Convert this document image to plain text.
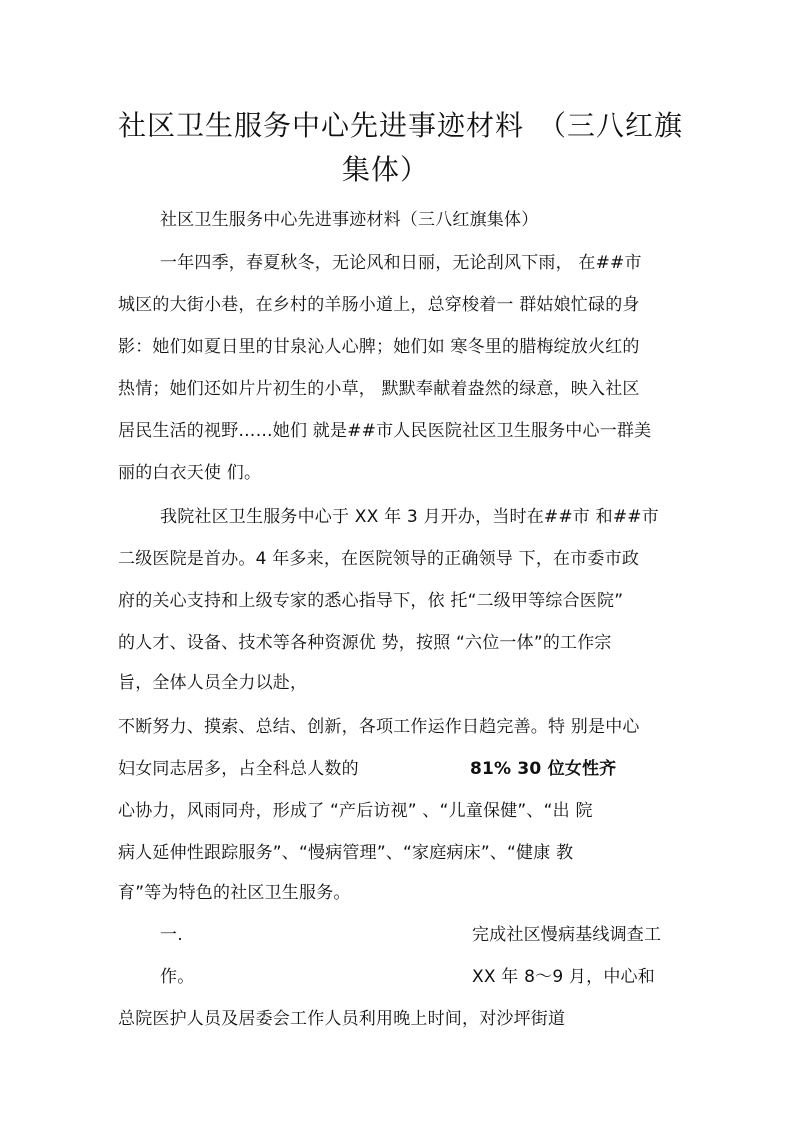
社区卫生服务中心先进事迹材料 （三八红旗
集体）
社区卫生服务中心先进事迹材料（三八红旗集体）
一年四季，春夏秋冬，无论风和日丽，无论刮风下雨， 在##市
城区的大街小巷，在乡村的羊肠小道上，总穿梭着一 群姑娘忙碌的身
影：她们如夏日里的甘泉沁人心脾；她们如 寒冬里的腊梅绽放火红的
热情；她们还如片片初生的小草， 默默奉献着盎然的绿意，映入社区
居民生活的视野……她们 就是##市人民医院社区卫生服务中心一群美
丽的白衣天使 们。
我院社区卫生服务中心于 XX 年 3 月开办，当时在##市 和##市
二级医院是首办。4 年多来，在医院领导的正确领导 下，在市委市政
府的关心支持和上级专家的悉心指导下，依 托“二级甲等综合医院”
的人才、设备、技术等各种资源优 势，按照 “六位一体”的工作宗
旨，全体人员全力以赴，
不断努力、摸索、总结、创新，各项工作运作日趋完善。特 别是中心
妇女同志居多，占全科总人数的	81% 30 位女性齐
心协力，风雨同舟，形成了 “产后访视” 、“儿童保健”、“出 院
病人延伸性跟踪服务”、“慢病管理”、“家庭病床”、“健康 教
育”等为特色的社区卫生服务。
一.	完成社区慢病基线调查工
作。	XX 年 8～9 月，中心和
总院医护人员及居委会工作人员利用晚上时间，对沙坪街道
